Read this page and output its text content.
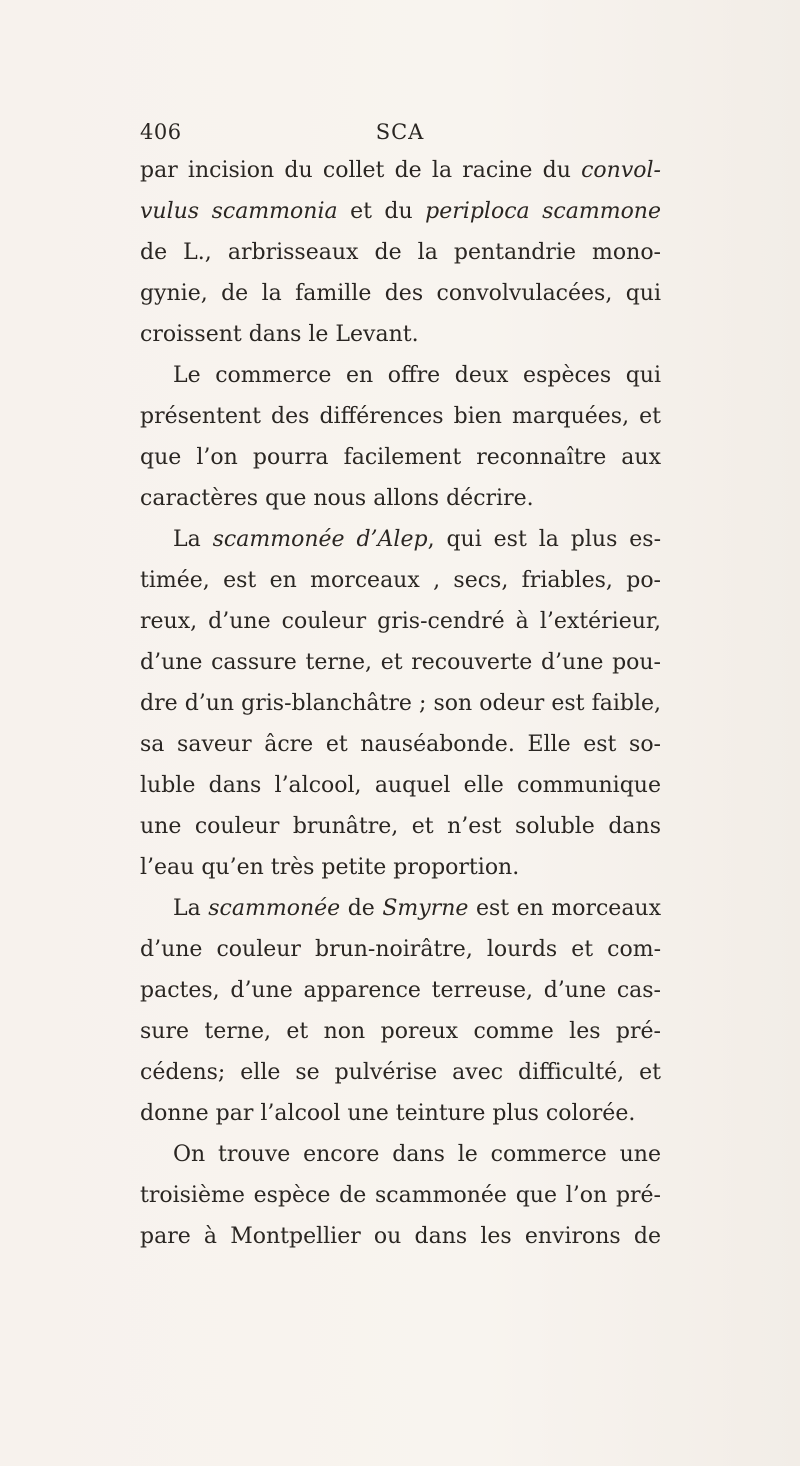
406	SCA
par incision du collet de la racine du convol-
vulus scammonia et du periploca scammone
de L., arbrisseaux de la pentandrie mono-
gynie, de la famille des convolvulacées, qui
croissent dans le Levant.
Le commerce en offre deux espèces qui
présentent des différences bien marquées, et
que l’on pourra facilement reconnaître aux
caractères que nous allons décrire.
La scammonée d’Alep, qui est la plus es-
timée, est en morceaux , secs, friables, po-
reux, d’une couleur gris-cendré à l’extérieur,
d’une cassure terne, et recouverte d’une pou-
dre d’un gris-blanchâtre ; son odeur est faible,
sa saveur âcre et nauséabonde. Elle est so-
luble dans l’alcool, auquel elle communique
une couleur brunâtre, et n’est soluble dans
l’eau qu’en très petite proportion.
La scammonée de Smyrne est en morceaux
d’une couleur brun-noirâtre, lourds et com-
pactes, d’une apparence terreuse, d’une cas-
sure terne, et non poreux comme les pré-
cédens; elle se pulvérise avec difficulté, et
donne par l’alcool une teinture plus colorée.
On trouve encore dans le commerce une
troisième espèce de scammonée que l’on pré-
pare à Montpellier ou dans les environs de
